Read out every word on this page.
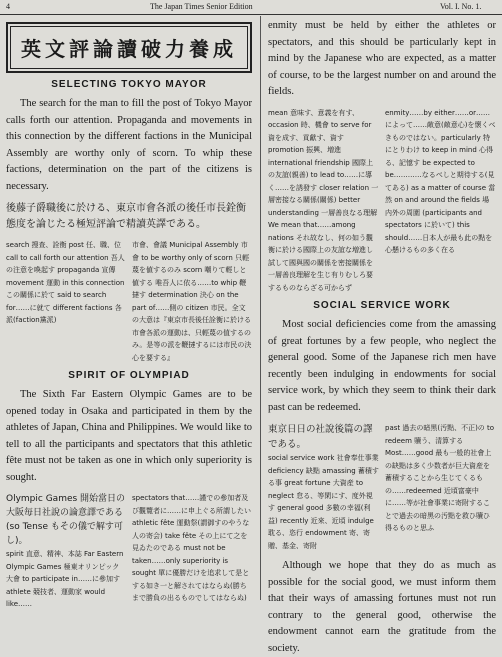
4	The Japan Times Senior Edition	Vol. I. No. 1.
英文評論讀破力養成
SELECTING TOKYO MAYOR

The search for the man to fill the post of Tokyo Mayor calls forth our attention. Propaganda and movements in this connection by the different factions in the Municipal Assembly are worthy only of scorn. To whip these factions, determination on the part of the citizens is necessary.

後藤子爵職後に於ける、東京市會各派の後任市長銓衡態度を論じたる極短評論で精讀英譯である。
search 搜查、詮衡 post 任、職、位 call to call forth our attention 吾人の注意を喚起す propaganda 宣傳 movement 運動 in this connection この關係に於て said to search for……に就て different factions 各派(faction黨派)
市會、會議 Municipal Assembly 市會 to be worthy only of scorn 只輕蔑を値するのみ scorn 嘲りて輕しと値する 唯吾人に依る……to whip 鞭撻す determination 決心 on the part of……側の citizen 市民。全文の大意は『東京市長後任詮衡に於ける市會各派の運動は、只輕蔑の值するのみ。是等の派を鞭撻するには市民の決心を要する』
SPIRIT OF OLYMPIAD

The Sixth Far Eastern Olympic Games are to be opened today in Osaka and participated in them by the athletes of Japan, China and Philippines. We would like to tell to all the participants and spectators that this athletic fête must not be taken as one in which only superiority is sought.

Olympic Games 開始當日の大阪毎日社說の論意譯である (so Tense もその儀で解す可し)。
spirit 直意、精神、本誌 Far Eastern Olympic Games 極東オリンピック大會 to participate in……に參加す athlete 競技者、運動家 would like……
spectators that……謹での參加者及び觀覽者に……に申上ぐる所謂したい athletic fête 運動祭(謂御すのやうな人の寄会) take fête その上にて之を見ゐたのである must not be taken……only superiority is sought 單に優勝だけを追求して是とする如き一と解されてはならぬ(勝ちまで勝負の出るものでしてはならぬ)

enmity must be held by either the athletes or spectators, and this should be particularly kept in mind by the Japanese who are expected, as a matter of course, to be the largest number on and around the fields.

mean 意味す、意義を有す、occasion 時、機會 to serve for 資を成す、貢獻す、資す promotion 振興、増進 international friendship 國際上の友誼(親善) to lead to……に導く……を誘發す closer relation 一層密接なる關係(關係) better understanding 一層善良なる理解 We mean that……among nations それ故なし、何の如う觀衡に於ける國際上の友誼な増進し試して國與國の關係を密接關係を一層善良理解を生じ有りむしろ要するものならざる可からず
enmity……by either……or……によって……敵意(敵意心)を懷くべきものではない。particularly 特にとりわけ to keep in mind 心得る、記憶す be expected to be…………なるべしと期待する(見てある) as a matter of course 當然 on and around the fields 場内外の周圍 (participants and spectators に於いて) this should……日本人が最も此の點を心懸けるもの多く在る
SOCIAL SERVICE WORK

Most social deficiencies come from the amassing of great fortunes by a few people, who neglect the general good. Some of the Japanese rich men have recently been indulging in endowments for social service work, by which they seem to think their dark past can be redeemed.

東京日日の社說後篇の譯である。
social service work 社會奉仕事業 deficiency 缺點 amassing 蓄積する事 great fortune 大資産 to neglect 怠る、等閑にす、度外視す general good 多數の幸福(利益) recently 近來、近頃 indulge 耽る、恣行 endowment 寄、寄贈、基金、寄附
past 過去の暗黑(汚點、不正)の to redeem 贖う、清算する Most……good 最も一般的社會上の缺點は多く少数者が巨大資産を蓄積することから生じてくるもの……redeemed 近頃富豪中に……等が社會事業に寄附することで過去の暗黑の汚點を救ひ贖ひ得るものと思ふ

Although we hope that they do as much as possible for the social good, we must inform them that their ways of amassing fortunes must not run contrary to the general good, otherwise the endowment cannot earn the gratitude from the society.
